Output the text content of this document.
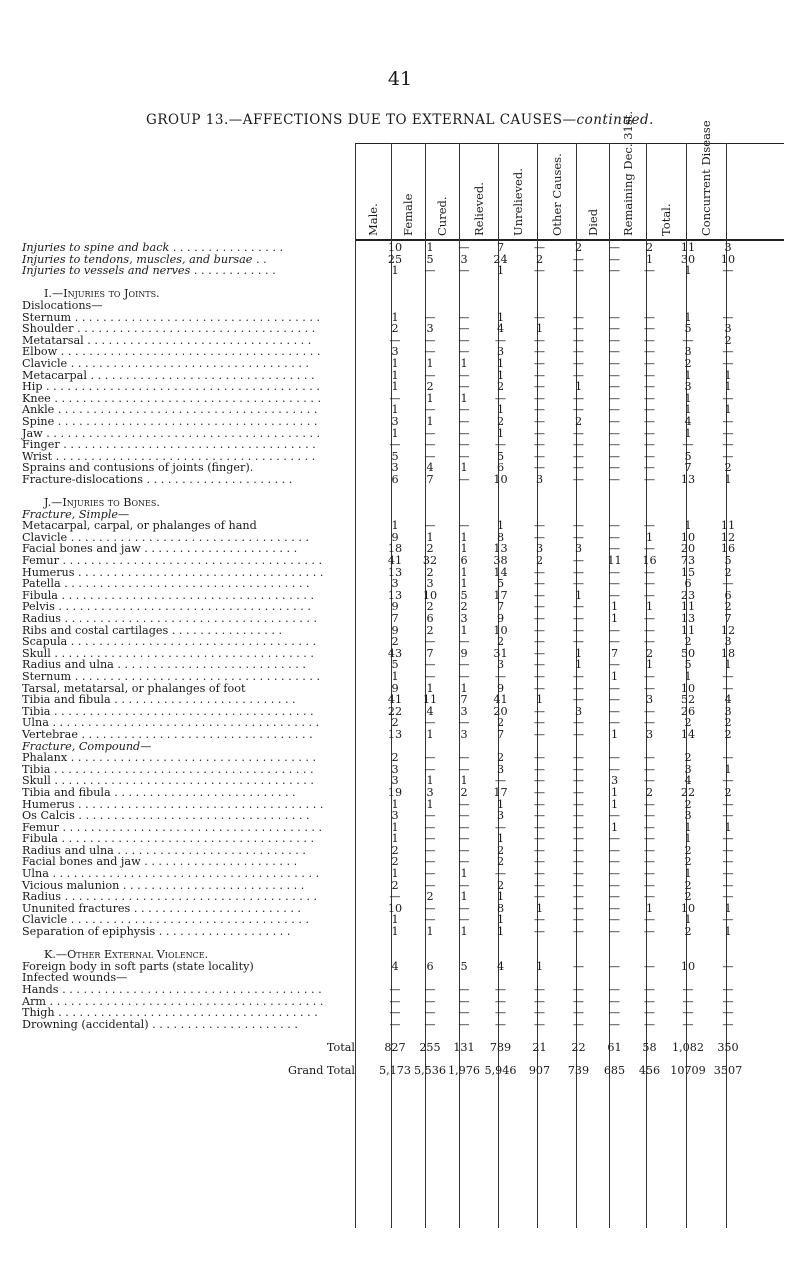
41
GROUP 13.—AFFECTIONS DUE TO EXTERNAL CAUSES—continued.
Male. Female Cured. Relieved. Unrelieved. Other Causes. Died Remaining Dec. 31st. Total. Concurrent Disease
Injuries to spine and back . . . . . . . . . . . . . . . .	10	1	—	7	—	2	—	2	11	3
Injuries to tendons, muscles, and bursae . .	25	5	3	24	2	—	—	1	30	10
Injuries to vessels and nerves . . . . . . . . . . . .	1	—	—	1	—	—	—	—	1	—

I.—Injuries to Joints.										
Dislocations—										
Sternum . . . . . . . . . . . . . . . . . . . . . . . . . . . . . . . . . . .	1	—	—	1	—	—	—	—	1	—
Shoulder . . . . . . . . . . . . . . . . . . . . . . . . . . . . . . . . . .	2	3	—	4	1	—	—	—	5	3
Metatarsal . . . . . . . . . . . . . . . . . . . . . . . . . . . . . . . .	—	—	—	—	—	—	—	—	—	2
Elbow . . . . . . . . . . . . . . . . . . . . . . . . . . . . . . . . . . . . .	3	—	—	3	—	—	—	—	3	—
Clavicle . . . . . . . . . . . . . . . . . . . . . . . . . . . . . . . . . .	1	1	1	1	—	—	—	—	2	—
Metacarpal . . . . . . . . . . . . . . . . . . . . . . . . . . . . . . . .	1	—	—	1	—	—	—	—	1	1
Hip . . . . . . . . . . . . . . . . . . . . . . . . . . . . . . . . . . . . . . .	1	2	—	2	—	1	—	—	3	1
Knee . . . . . . . . . . . . . . . . . . . . . . . . . . . . . . . . . . . . . .	—	1	1	—	—	—	—	—	1	—
Ankle . . . . . . . . . . . . . . . . . . . . . . . . . . . . . . . . . . . . .	1	—	—	1	—	—	—	—	1	1
Spine . . . . . . . . . . . . . . . . . . . . . . . . . . . . . . . . . . . . .	3	1	—	2	—	2	—	—	4	—
Jaw . . . . . . . . . . . . . . . . . . . . . . . . . . . . . . . . . . . . . . .	1	—	—	1	—	—	—	—	1	—
Finger . . . . . . . . . . . . . . . . . . . . . . . . . . . . . . . . . . . .	—	—	—	—	—	—	—	—	—	—
Wrist . . . . . . . . . . . . . . . . . . . . . . . . . . . . . . . . . . . . .	5	—	—	5	—	—	—	—	5	—
Sprains and contusions of joints (finger).	3	4	1	6	—	—	—	—	7	2
Fracture-dislocations . . . . . . . . . . . . . . . . . . . . .	6	7	—	10	3	—	—	—	13	1

J.—Injuries to Bones.										
Fracture, Simple—										
Metacarpal, carpal, or phalanges of hand	1	—	—	1	—	—	—	—	1	11
Clavicle . . . . . . . . . . . . . . . . . . . . . . . . . . . . . . . . . .	9	1	1	8	—	—	—	1	10	12
Facial bones and jaw . . . . . . . . . . . . . . . . . . . . . .	18	2	1	13	3	3	—	—	20	16
Femur . . . . . . . . . . . . . . . . . . . . . . . . . . . . . . . . . . . . .	41	32	6	38	2	—	11	16	73	5
Humerus . . . . . . . . . . . . . . . . . . . . . . . . . . . . . . . . . . .	13	2	1	14	—	—	—	—	15	2
Patella . . . . . . . . . . . . . . . . . . . . . . . . . . . . . . . . . . .	3	3	1	5	—	—	—	—	6	—
Fibula . . . . . . . . . . . . . . . . . . . . . . . . . . . . . . . . . . . .	13	10	5	17	—	1	—	—	23	6
Pelvis . . . . . . . . . . . . . . . . . . . . . . . . . . . . . . . . . . . .	9	2	2	7	—	—	1	1	11	2
Radius . . . . . . . . . . . . . . . . . . . . . . . . . . . . . . . . . . . .	7	6	3	9	—	—	1	—	13	7
Ribs and costal cartilages . . . . . . . . . . . . . . . .	9	2	1	10	—	—	—	—	11	12
Scapula . . . . . . . . . . . . . . . . . . . . . . . . . . . . . . . . . . .	2	—	—	2	—	—	—	—	2	3
Skull . . . . . . . . . . . . . . . . . . . . . . . . . . . . . . . . . . . . .	43	7	9	31	—	1	7	2	50	18
Radius and ulna . . . . . . . . . . . . . . . . . . . . . . . . . . .	5	—	—	3	—	1	—	1	5	1
Sternum . . . . . . . . . . . . . . . . . . . . . . . . . . . . . . . . . . .	1	—	—	—	—	—	1	—	1	—
Tarsal, metatarsal, or phalanges of foot	9	1	1	9	—	—	—	—	10	—
Tibia and fibula . . . . . . . . . . . . . . . . . . . . . . . . . .	41	11	7	41	1	—	—	3	52	4
Tibia . . . . . . . . . . . . . . . . . . . . . . . . . . . . . . . . . . . . .	22	4	3	20	—	3	—	—	26	3
Ulna . . . . . . . . . . . . . . . . . . . . . . . . . . . . . . . . . . . . . .	2	—	—	2	—	—	—	—	2	2
Vertebrae . . . . . . . . . . . . . . . . . . . . . . . . . . . . . . . . .	13	1	3	7	—	—	1	3	14	2
Fracture, Compound—										
Phalanx . . . . . . . . . . . . . . . . . . . . . . . . . . . . . . . . . . .	2	—	—	2	—	—	—	—	2	—
Tibia . . . . . . . . . . . . . . . . . . . . . . . . . . . . . . . . . . . . .	3	—	—	3	—	—	—	—	3	1
Skull . . . . . . . . . . . . . . . . . . . . . . . . . . . . . . . . . . . . .	3	1	1	—	—	—	3	—	4	—
Tibia and fibula . . . . . . . . . . . . . . . . . . . . . . . . . .	19	3	2	17	—	—	1	2	22	2
Humerus . . . . . . . . . . . . . . . . . . . . . . . . . . . . . . . . . . .	1	1	—	1	—	—	1	—	2	—
Os Calcis . . . . . . . . . . . . . . . . . . . . . . . . . . . . . . . . .	3	—	—	3	—	—	—	—	3	—
Femur . . . . . . . . . . . . . . . . . . . . . . . . . . . . . . . . . . . . .	1	—	—	—	—	—	1	—	1	1
Fibula . . . . . . . . . . . . . . . . . . . . . . . . . . . . . . . . . . . .	1	—	—	1	—	—	—	—	1	—
Radius and ulna . . . . . . . . . . . . . . . . . . . . . . . . . . .	2	—	—	2	—	—	—	—	2	—
Facial bones and jaw . . . . . . . . . . . . . . . . . . . . . .	2	—	—	2	—	—	—	—	2	—
Ulna . . . . . . . . . . . . . . . . . . . . . . . . . . . . . . . . . . . . . .	1	—	1	—	—	—	—	—	1	—
Vicious malunion . . . . . . . . . . . . . . . . . . . . . . . . . .	2	—	—	2	—	—	—	—	2	—
Radius . . . . . . . . . . . . . . . . . . . . . . . . . . . . . . . . . . . .	—	2	1	1	—	—	—	—	2	—
Ununited fractures . . . . . . . . . . . . . . . . . . . . . . . .	10	—	—	8	1	—	—	1	10	1
Clavicle . . . . . . . . . . . . . . . . . . . . . . . . . . . . . . . . . .	1	—	—	1	—	—	—	—	1	—
Separation of epiphysis . . . . . . . . . . . . . . . . . . .	1	1	1	1	—	—	—	—	2	1

K.—Other External Violence.										
Foreign body in soft parts (state locality)	4	6	5	4	1	—	—	—	10	—
Infected wounds—										
Hands . . . . . . . . . . . . . . . . . . . . . . . . . . . . . . . . . . . . .	—	—	—	—	—	—	—	—	—	—
Arm . . . . . . . . . . . . . . . . . . . . . . . . . . . . . . . . . . . . . . .	—	—	—	—	—	—	—	—	—	—
Thigh . . . . . . . . . . . . . . . . . . . . . . . . . . . . . . . . . . . . .	—	—	—	—	—	—	—	—	—	—
Drowning (accidental) . . . . . . . . . . . . . . . . . . . . .	—	—	—	—	—	—	—	—	—	—

Total	827	255	131	789	21	22	61	58	1,082	350

Grand Total	5,173	5,536	1,976	5,946	907	739	685	456	10709	3507
